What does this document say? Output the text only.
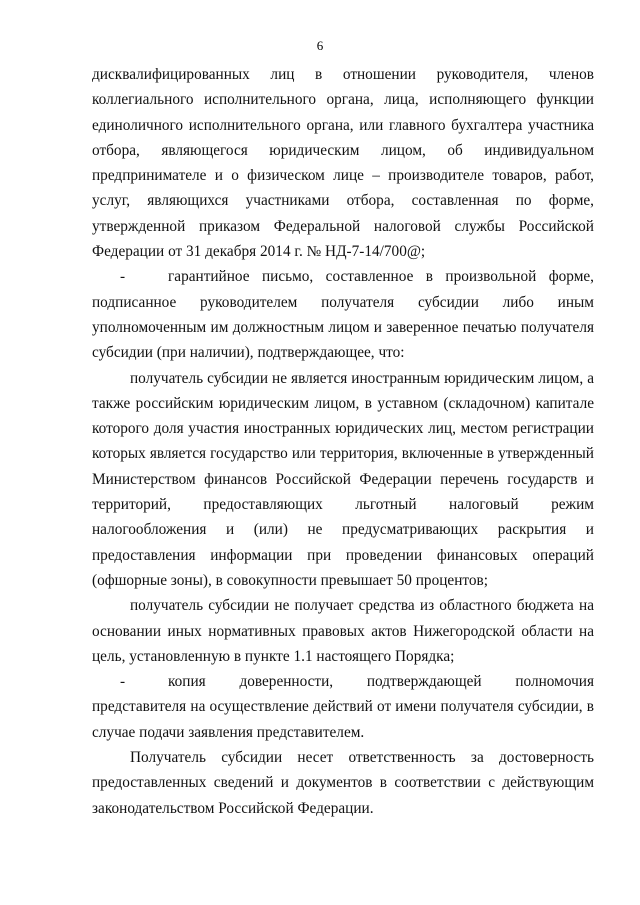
6

дисквалифицированных лиц в отношении руководителя, членов коллегиального исполнительного органа, лица, исполняющего функции единоличного исполнительного органа, или главного бухгалтера участника отбора, являющегося юридическим лицом, об индивидуальном предпринимателе и о физическом лице – производителе товаров, работ, услуг, являющихся участниками отбора, составленная по форме, утвержденной приказом Федеральной налоговой службы Российской Федерации от 31 декабря 2014 г. № НД-7-14/700@;

-	гарантийное письмо, составленное в произвольной форме,

подписанное руководителем получателя субсидии либо иным уполномоченным им должностным лицом и заверенное печатью получателя субсидии (при наличии), подтверждающее, что:

получатель субсидии не является иностранным юридическим лицом, а также российским юридическим лицом, в уставном (складочном) капитале которого доля участия иностранных юридических лиц, местом регистрации которых является государство или территория, включенные в утвержденный Министерством финансов Российской Федерации перечень государств и территорий, предоставляющих льготный налоговый режим налогообложения и (или) не предусматривающих раскрытия и предоставления информации при проведении финансовых операций (офшорные зоны), в совокупности превышает 50 процентов;

получатель субсидии не получает средства из областного бюджета на основании иных нормативных правовых актов Нижегородской области на цель, установленную в пункте 1.1 настоящего Порядка;

-	копия доверенности, подтверждающей полномочия

представителя на осуществление действий от имени получателя субсидии, в случае подачи заявления представителем.

Получатель субсидии несет ответственность за достоверность предоставленных сведений и документов в соответствии с действующим законодательством Российской Федерации.
